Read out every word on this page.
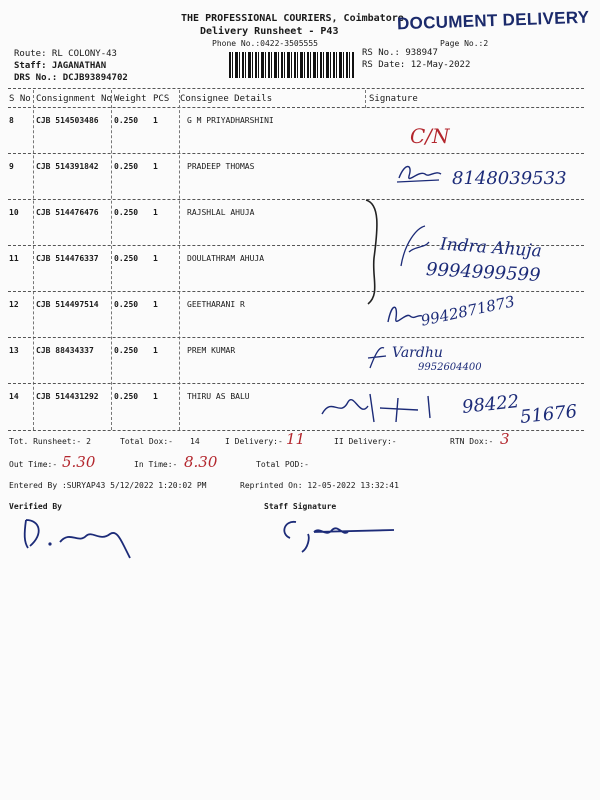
THE PROFESSIONAL COURIERS, Coimbatore
Delivery Runsheet - P43	DOCUMENT DELIVERY
Phone No.:0422-3505555	Page No.:2
Route: RL COLONY-43
Staff: JAGANATHAN
DRS No.: DCJB93894702
RS No.: 938947
RS Date: 12-May-2022
S No Consignment No Weight PCS Consignee Details	Signature
8	CJB 514503486 0.250 1	G M PRIYADHARSHINI
9	CJB 514391842 0.250 1	PRADEEP THOMAS
10 CJB 514476476 0.250 1	RAJSHLAL AHUJA
11 CJB 514476337 0.250 1	DOULATHRAM AHUJA
12 CJB 514497514 0.250 1	GEETHARANI R
13 CJB 88434337	0.250 1	PREM KUMAR
14 CJB 514431292 0.250 1	THIRU AS BALU
C/N
8148039533
Indra Ahuja
9994999599
9942871873
Vardhu
9952604400
98422
51676
Tot. Runsheet:- 2	Total Dox:- 14	I Delivery:- 11	II Delivery:-	RTN Dox:- 3
Out Time:- 5.30	In Time:- 8.30	Total POD:-
Entered By :SURYAP43 5/12/2022 1:20:02 PM	Reprinted On: 12-05-2022 13:32:41
Verified By	Staff Signature
